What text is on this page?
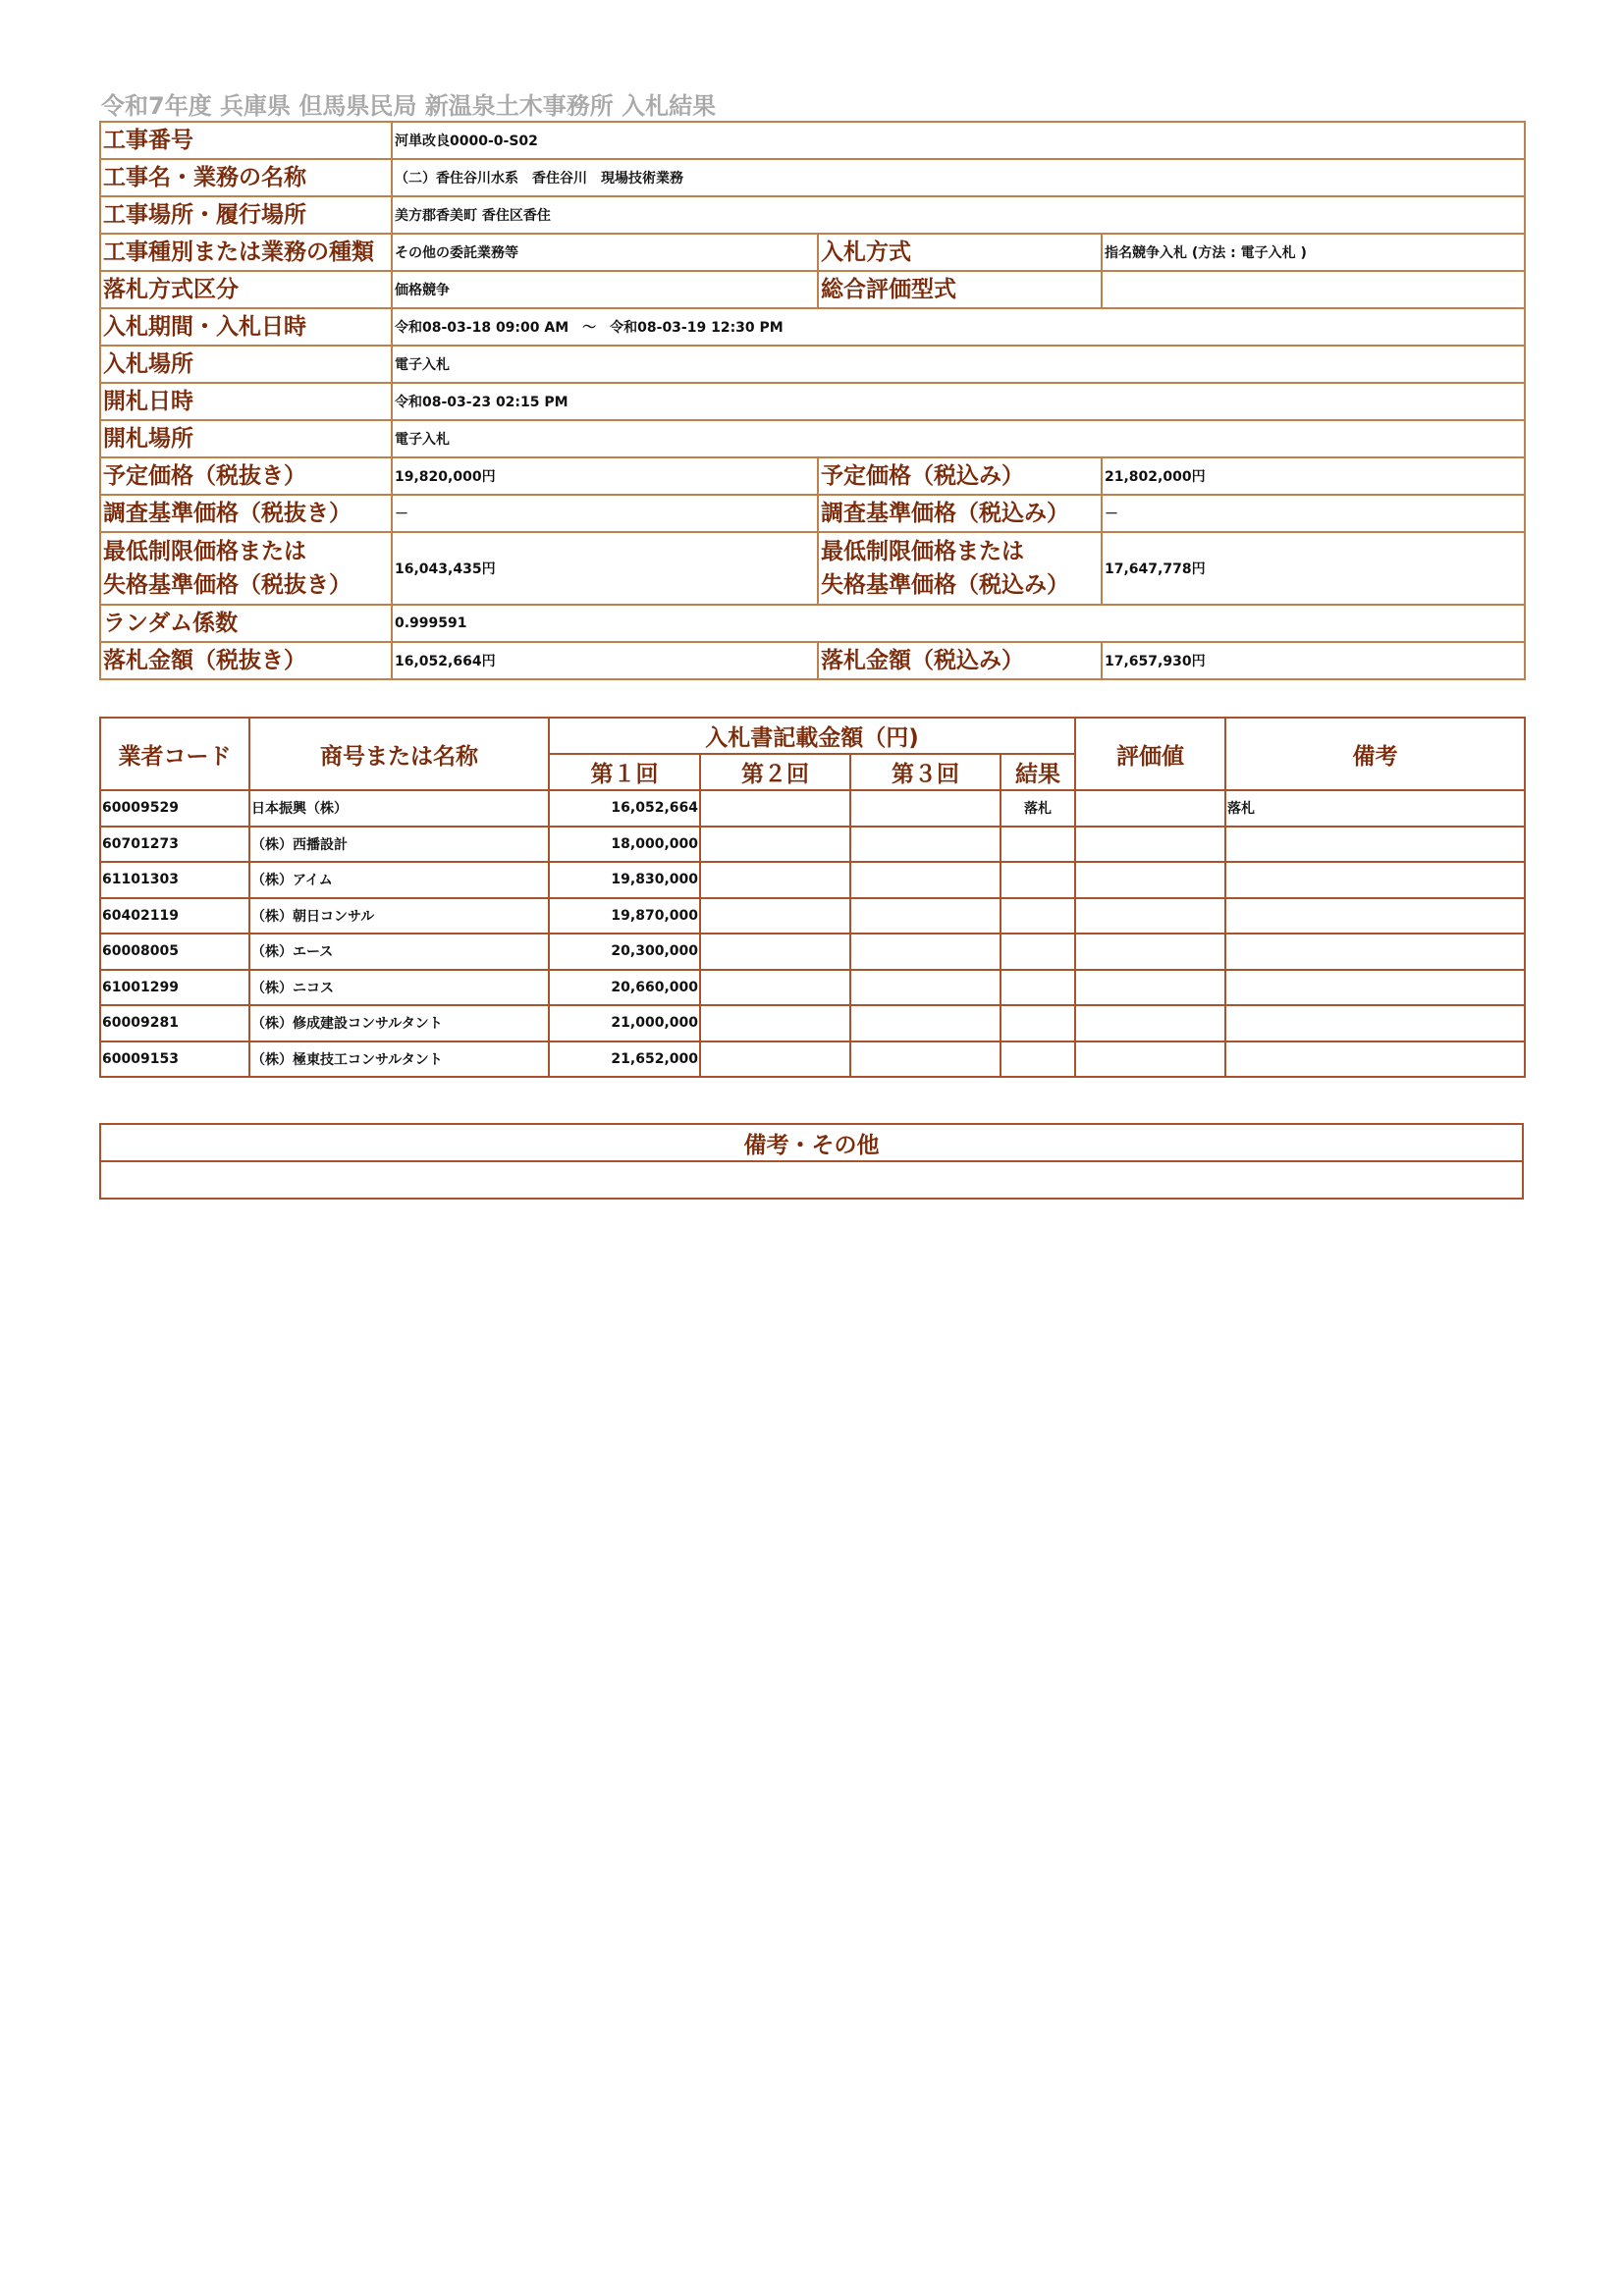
令和7年度 兵庫県 但馬県民局 新温泉土木事務所 入札結果
工事番号	河単改良0000-0-S02		
工事名・業務の名称	（二）香住谷川水系　香住谷川　現場技術業務		
工事場所・履行場所	美方郡香美町 香住区香住		
工事種別または業務の種類	その他の委託業務等	入札方式	指名競争入札 (方法 : 電子入札 )
落札方式区分	価格競争	総合評価型式	
入札期間・入札日時	令和08-03-18 09:00 AM　～　令和08-03-19 12:30 PM		
入札場所	電子入札		
開札日時	令和08-03-23 02:15 PM		
開札場所	電子入札		
予定価格（税抜き）	19,820,000円	予定価格（税込み）	21,802,000円
調査基準価格（税抜き）	－	調査基準価格（税込み）	－

最低制限価格または
失格基準価格（税抜き）
	16,043,435円	
最低制限価格または
失格基準価格（税込み）
	17,647,778円
ランダム係数	0.999591		
落札金額（税抜き）	16,052,664円	落札金額（税込み）	17,657,930円
業者コード	商号または名称	入札書記載金額（円)				評価値	備考
		第１回	第２回	第３回	結果		
60009529	日本振興（株）	16,052,664			落札		落札
60701273	（株）西播設計	18,000,000					
61101303	（株）アイム	19,830,000					
60402119	（株）朝日コンサル	19,870,000					
60008005	（株）エース	20,300,000					
61001299	（株）ニコス	20,660,000					
60009281	（株）修成建設コンサルタント	21,000,000					
60009153	（株）極東技工コンサルタント	21,652,000					
備考・その他
